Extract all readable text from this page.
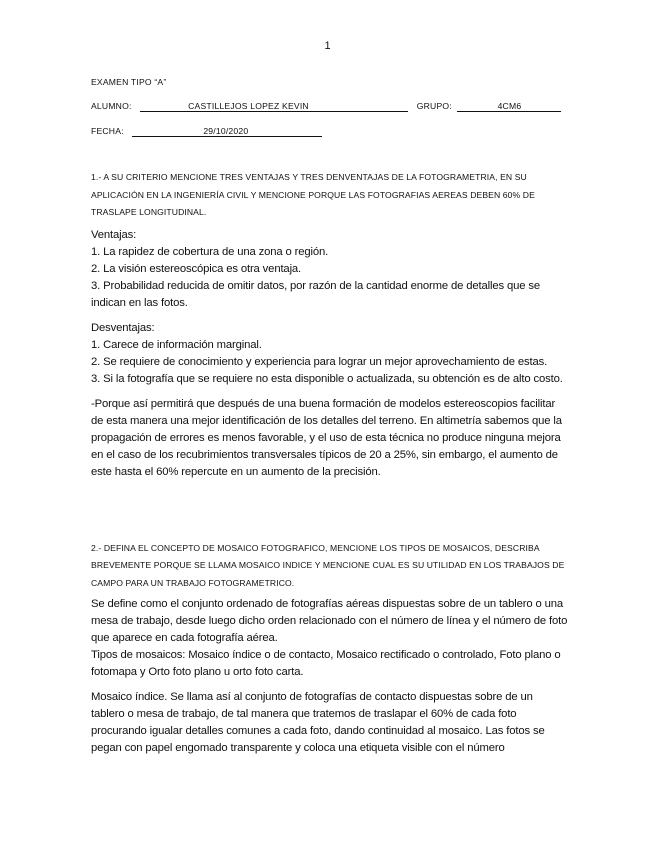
1
EXAMEN TIPO “A”
ALUMNO:	CASTILLEJOS LOPEZ KEVIN	GRUPO:	4CM6
FECHA:	29/10/2020

1.- A SU CRITERIO MENCIONE TRES VENTAJAS Y TRES DENVENTAJAS DE LA FOTOGRAMETRIA, EN SU APLICACIÓN EN LA INGENIERÍA CIVIL Y MENCIONE PORQUE LAS FOTOGRAFIAS AEREAS DEBEN 60% DE TRASLAPE LONGITUDINAL.

Ventajas:

1. La rapidez de cobertura de una zona o región.

2. La visión estereoscópica es otra ventaja.

3. Probabilidad reducida de omitir datos, por razón de la cantidad enorme de detalles que se indican en las fotos.

Desventajas:

1. Carece de información marginal.

2. Se requiere de conocimiento y experiencia para lograr un mejor aprovechamiento de estas.

3. Si la fotografía que se requiere no esta disponible o actualizada, su obtención es de alto costo.

-Porque así permitirá que después de una buena formación de modelos estereoscopios facilitar de esta manera una mejor identificación de los detalles del terreno. En altimetría sabemos que la propagación de errores es menos favorable, y el uso de esta técnica no produce ninguna mejora en el caso de los recubrimientos transversales típicos de 20 a 25%, sin embargo, el aumento de este hasta el 60% repercute en un aumento de la precisión.

2.- DEFINA EL CONCEPTO DE MOSAICO FOTOGRAFICO, MENCIONE LOS TIPOS DE MOSAICOS, DESCRIBA BREVEMENTE PORQUE SE LLAMA MOSAICO INDICE Y MENCIONE CUAL ES SU UTILIDAD EN LOS TRABAJOS DE CAMPO PARA UN TRABAJO FOTOGRAMETRICO.

Se define como el conjunto ordenado de fotografías aéreas dispuestas sobre de un tablero o una mesa de trabajo, desde luego dicho orden relacionado con el número de línea y el número de foto que aparece en cada fotografía aérea.

Tipos de mosaicos: Mosaico índice o de contacto, Mosaico rectificado o controlado, Foto plano o fotomapa y Orto foto plano u orto foto carta.

Mosaico índice. Se llama así al conjunto de fotografías de contacto dispuestas sobre de un tablero o mesa de trabajo, de tal manera que tratemos de traslapar el 60% de cada foto procurando igualar detalles comunes a cada foto, dando continuidad al mosaico. Las fotos se pegan con papel engomado transparente y coloca una etiqueta visible con el número
